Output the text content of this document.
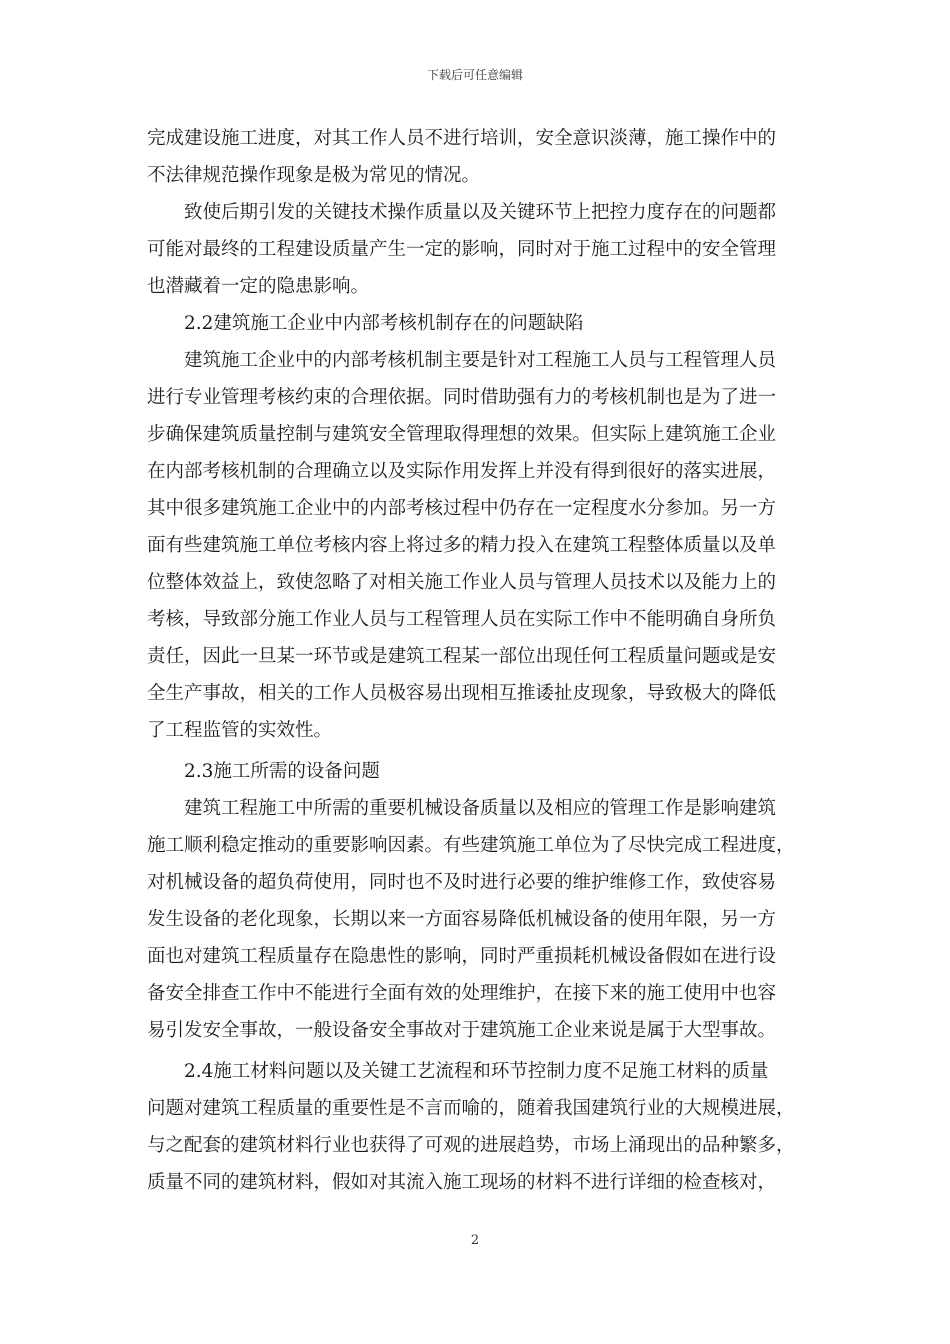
下载后可任意编辑
完成建设施工进度，对其工作人员不进行培训，安全意识淡薄，施工操作中的
不法律规范操作现象是极为常见的情况。
致使后期引发的关键技术操作质量以及关键环节上把控力度存在的问题都
可能对最终的工程建设质量产生一定的影响，同时对于施工过程中的安全管理
也潜藏着一定的隐患影响。
2.2建筑施工企业中内部考核机制存在的问题缺陷
建筑施工企业中的内部考核机制主要是针对工程施工人员与工程管理人员
进行专业管理考核约束的合理依据。同时借助强有力的考核机制也是为了进一
步确保建筑质量控制与建筑安全管理取得理想的效果。但实际上建筑施工企业
在内部考核机制的合理确立以及实际作用发挥上并没有得到很好的落实进展，
其中很多建筑施工企业中的内部考核过程中仍存在一定程度水分参加。另一方
面有些建筑施工单位考核内容上将过多的精力投入在建筑工程整体质量以及单
位整体效益上，致使忽略了对相关施工作业人员与管理人员技术以及能力上的
考核，导致部分施工作业人员与工程管理人员在实际工作中不能明确自身所负
责任，因此一旦某一环节或是建筑工程某一部位出现任何工程质量问题或是安
全生产事故，相关的工作人员极容易出现相互推诿扯皮现象，导致极大的降低
了工程监管的实效性。
2.3施工所需的设备问题
建筑工程施工中所需的重要机械设备质量以及相应的管理工作是影响建筑
施工顺利稳定推动的重要影响因素。有些建筑施工单位为了尽快完成工程进度，
对机械设备的超负荷使用，同时也不及时进行必要的维护维修工作，致使容易
发生设备的老化现象，长期以来一方面容易降低机械设备的使用年限，另一方
面也对建筑工程质量存在隐患性的影响，同时严重损耗机械设备假如在进行设
备安全排查工作中不能进行全面有效的处理维护，在接下来的施工使用中也容
易引发安全事故，一般设备安全事故对于建筑施工企业来说是属于大型事故。
2.4施工材料问题以及关键工艺流程和环节控制力度不足施工材料的质量
问题对建筑工程质量的重要性是不言而喻的，随着我国建筑行业的大规模进展，
与之配套的建筑材料行业也获得了可观的进展趋势，市场上涌现出的品种繁多，
质量不同的建筑材料，假如对其流入施工现场的材料不进行详细的检查核对，
2
